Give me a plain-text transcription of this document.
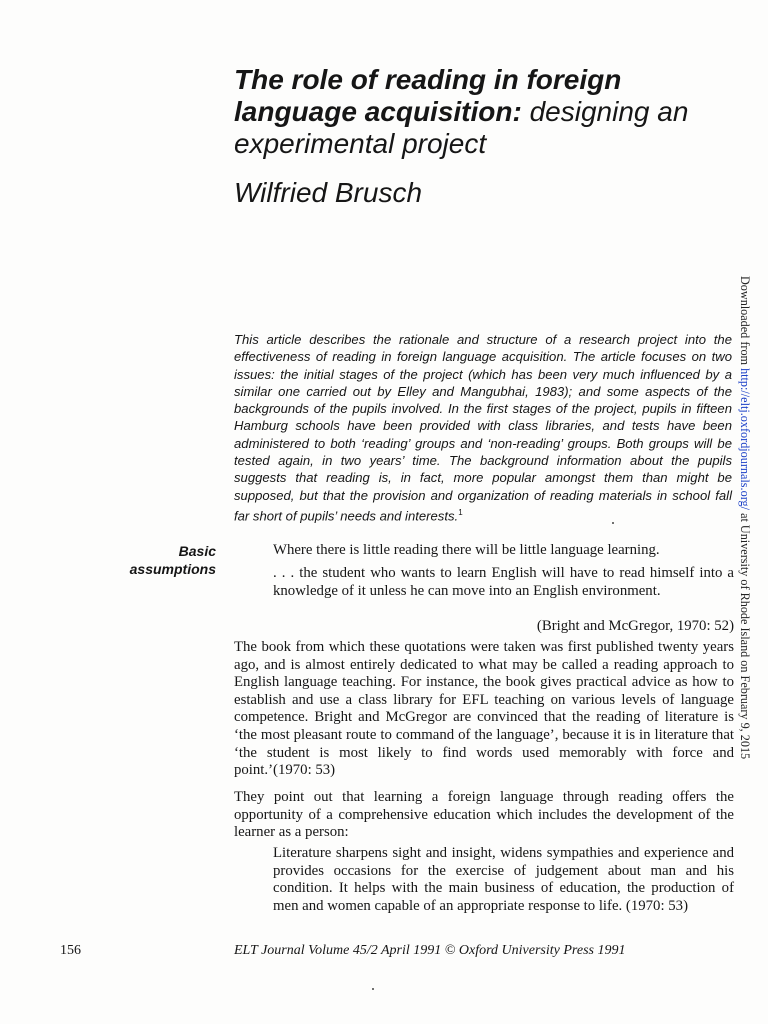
The role of reading in foreign language acquisition: designing an experimental project

Wilfried Brusch

This article describes the rationale and structure of a research project into the effectiveness of reading in foreign language acquisition. The article focuses on two issues: the initial stages of the project (which has been very much influenced by a similar one carried out by Elley and Mangubhai, 1983); and some aspects of the backgrounds of the pupils involved. In the first stages of the project, pupils in fifteen Hamburg schools have been provided with class libraries, and tests have been administered to both ‘reading’ groups and ‘non-reading’ groups. Both groups will be tested again, in two years’ time. The background information about the pupils suggests that reading is, in fact, more popular amongst them than might be supposed, but that the provision and organization of reading materials in school fall far short of pupils’ needs and interests.$^1$

Basic
assumptions

Where there is little reading there will be little language learning.

. . . the student who wants to learn English will have to read himself into a knowledge of it unless he can move into an English environment.

(Bright and McGregor, 1970: 52)

The book from which these quotations were taken was first published twenty years ago, and is almost entirely dedicated to what may be called a reading approach to English language teaching. For instance, the book gives practical advice as how to establish and use a class library for EFL teaching on various levels of language competence. Bright and McGregor are convinced that the reading of literature is ‘the most pleasant route to command of the language’, because it is in literature that ‘the student is most likely to find words used memorably with force and point.’(1970: 53)

They point out that learning a foreign language through reading offers the opportunity of a comprehensive education which includes the development of the learner as a person:

Literature sharpens sight and insight, widens sympathies and experience and provides occasions for the exercise of judgement about man and his condition. It helps with the main business of education, the production of men and women capable of an appropriate response to life. (1970: 53)

156	ELT Journal Volume 45/2 April 1991 © Oxford University Press 1991
Downloaded from http://eltj.oxfordjournals.org/ at University of Rhode Island on February 9, 2015
